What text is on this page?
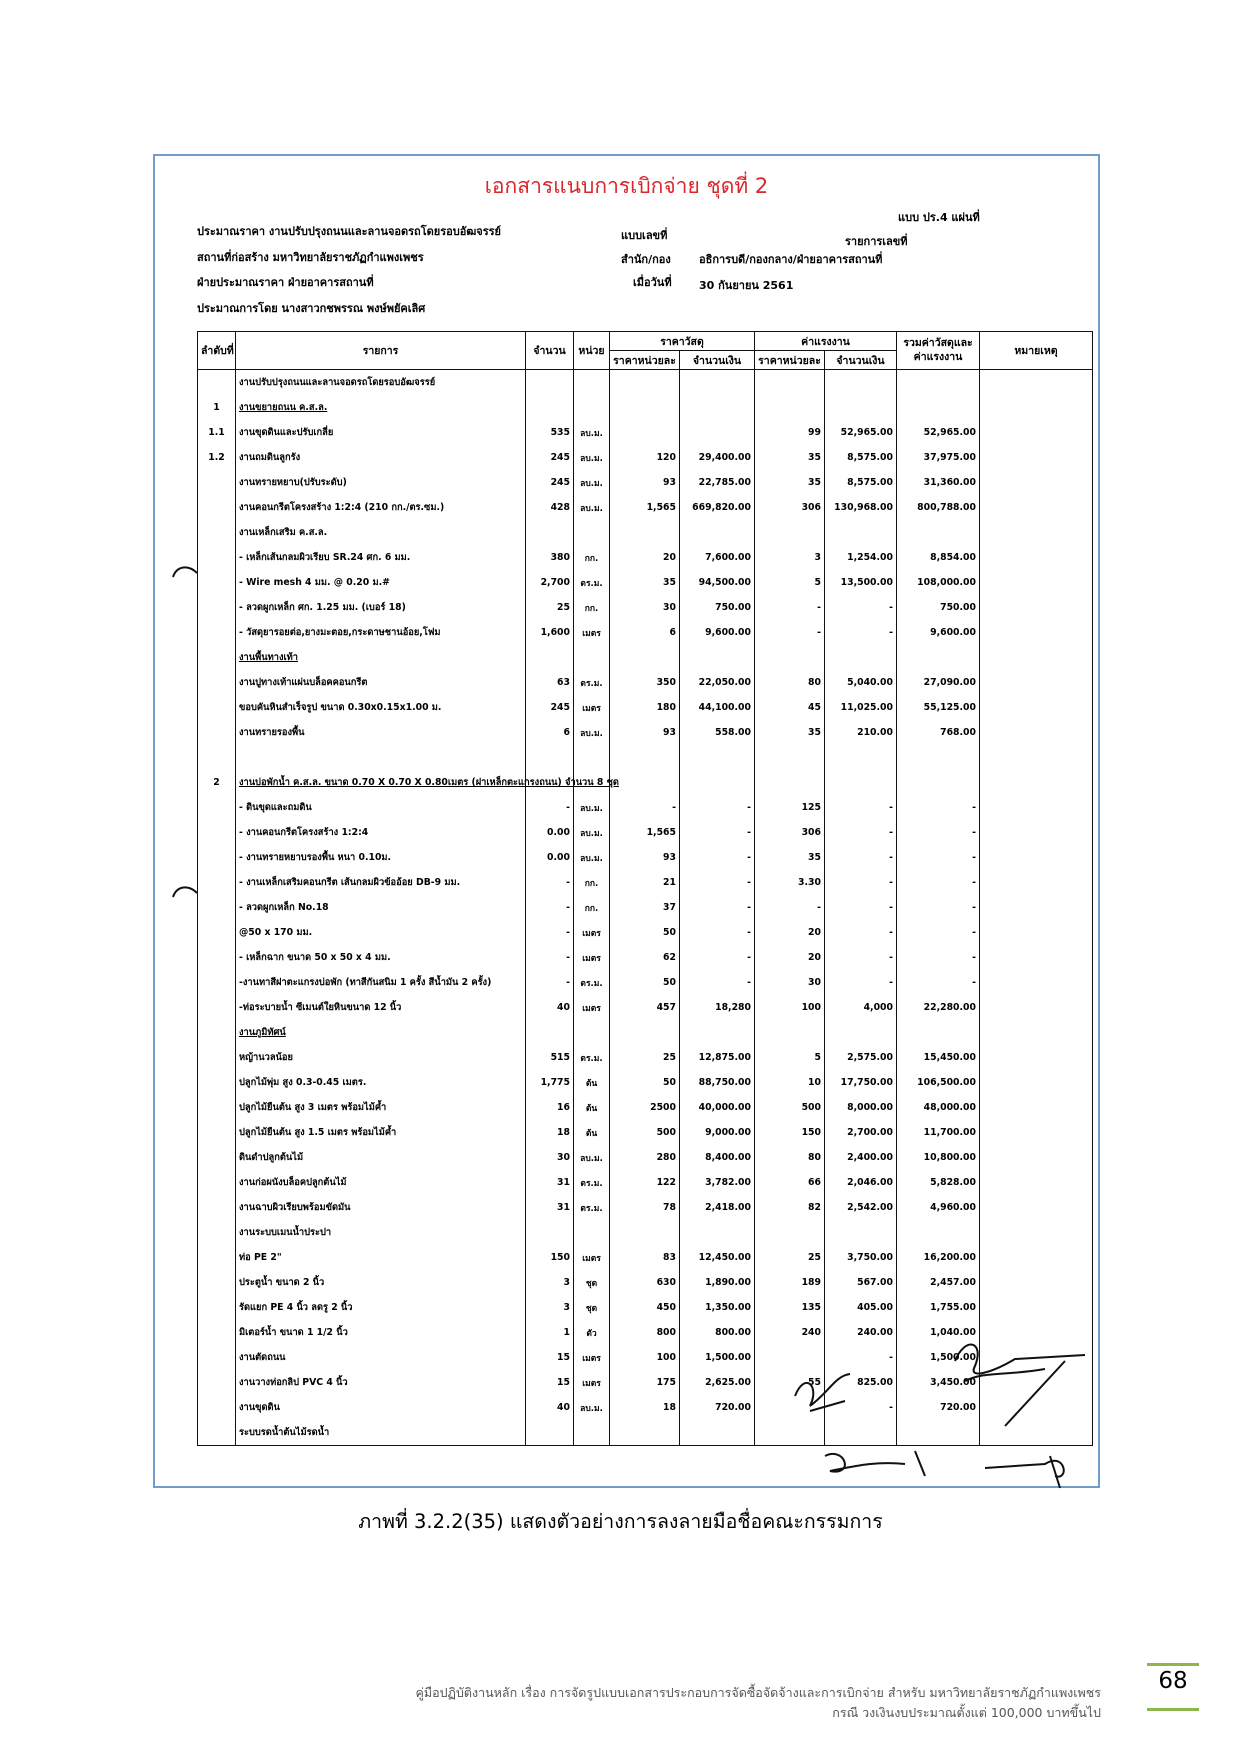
เอกสารแนบการเบิกจ่าย ชุดที่ 2
แบบ ปร.4 แผ่นที่
รายการเลขที่
ประมาณราคา งานปรับปรุงถนนและลานจอดรถโดยรอบอัฒจรรย์
สถานที่ก่อสร้าง มหาวิทยาลัยราชภัฏกำแพงเพชร
ฝ่ายประมาณราคา ฝ่ายอาคารสถานที่
ประมาณการโดย นางสาวกชพรรณ พงษ์พยัคเลิศ
แบบเลขที่
สำนัก/กอง
เมื่อวันที่
อธิการบดี/กองกลาง/ฝ่ายอาคารสถานที่
30 กันยายน 2561
ลำดับที่	รายการ	จำนวน	หน่วย	ราคาวัสดุ		ค่าแรงงาน		รวมค่าวัสดุและค่าแรงงาน	หมายเหตุ
				ราคาหน่วยละ	จำนวนเงิน	ราคาหน่วยละ	จำนวนเงิน		
	งานปรับปรุงถนนและลานจอดรถโดยรอบอัฒจรรย์								
1	งานขยายถนน ค.ส.ล.								
1.1	งานขุดดินและปรับเกลี่ย	535	ลบ.ม.			99	52,965.00	52,965.00	
1.2	งานถมดินลูกรัง	245	ลบ.ม.	120	29,400.00	35	8,575.00	37,975.00	
	งานทรายหยาบ(ปรับระดับ)	245	ลบ.ม.	93	22,785.00	35	8,575.00	31,360.00	
	งานคอนกรีตโครงสร้าง 1:2:4 (210 กก./ตร.ซม.)	428	ลบ.ม.	1,565	669,820.00	306	130,968.00	800,788.00	
	งานเหล็กเสริม ค.ส.ล.								
	- เหล็กเส้นกลมผิวเรียบ SR.24 ศก. 6 มม.	380	กก.	20	7,600.00	3	1,254.00	8,854.00	
	- Wire mesh 4 มม. @ 0.20 ม.#	2,700	ตร.ม.	35	94,500.00	5	13,500.00	108,000.00	
	- ลวดผูกเหล็ก ศก. 1.25 มม. (เบอร์ 18)	25	กก.	30	750.00	-	-	750.00	
	- วัสดุยารอยต่อ,ยางมะตอย,กระดาษชานอ้อย,โฟม	1,600	เมตร	6	9,600.00	-	-	9,600.00	
	งานพื้นทางเท้า								
	งานปูทางเท้าแผ่นบล็อคคอนกรีต	63	ตร.ม.	350	22,050.00	80	5,040.00	27,090.00	
	ขอบคันหินสำเร็จรูป ขนาด 0.30x0.15x1.00 ม.	245	เมตร	180	44,100.00	45	11,025.00	55,125.00	
	งานทรายรองพื้น	6	ลบ.ม.	93	558.00	35	210.00	768.00	

2	งานบ่อพักน้ำ ค.ส.ล. ขนาด 0.70 X 0.70 X 0.80เมตร (ฝาเหล็กตะแกรงถนน) จำนวน 8 ชุด								
	- ดินขุดและถมดิน	-	ลบ.ม.	-	-	125	-	-	
	- งานคอนกรีตโครงสร้าง 1:2:4	0.00	ลบ.ม.	1,565	-	306	-	-	
	- งานทรายหยาบรองพื้น หนา 0.10ม.	0.00	ลบ.ม.	93	-	35	-	-	
	- งานเหล็กเสริมคอนกรีต เส้นกลมผิวข้ออ้อย DB-9 มม.	-	กก.	21	-	3.30	-	-	
	- ลวดผูกเหล็ก No.18	-	กก.	37	-	-	-	-	
	@50 x 170 มม.	-	เมตร	50	-	20	-	-	
	- เหล็กฉาก ขนาด 50 x 50 x 4 มม.	-	เมตร	62	-	20	-	-	
	-งานทาสีฝาตะแกรงบ่อพัก (ทาสีกันสนิม 1 ครั้ง สีน้ำมัน 2 ครั้ง)	-	ตร.ม.	50	-	30	-	-	
	-ท่อระบายน้ำ ซีเมนต์ใยหินขนาด 12 นิ้ว	40	เมตร	457	18,280	100	4,000	22,280.00	
	งานภูมิทัศน์								
	หญ้านวลน้อย	515	ตร.ม.	25	12,875.00	5	2,575.00	15,450.00	
	ปลูกไม้พุ่ม สูง 0.3-0.45 เมตร.	1,775	ต้น	50	88,750.00	10	17,750.00	106,500.00	
	ปลูกไม้ยืนต้น สูง 3 เมตร พร้อมไม้ค้ำ	16	ต้น	2500	40,000.00	500	8,000.00	48,000.00	
	ปลูกไม้ยืนต้น สูง 1.5 เมตร พร้อมไม้ค้ำ	18	ต้น	500	9,000.00	150	2,700.00	11,700.00	
	ดินดำปลูกต้นไม้	30	ลบ.ม.	280	8,400.00	80	2,400.00	10,800.00	
	งานก่อผนังบล็อคปลูกต้นไม้	31	ตร.ม.	122	3,782.00	66	2,046.00	5,828.00	
	งานฉาบผิวเรียบพร้อมขัดมัน	31	ตร.ม.	78	2,418.00	82	2,542.00	4,960.00	
	งานระบบเมนน้ำประปา								
	ท่อ PE 2"	150	เมตร	83	12,450.00	25	3,750.00	16,200.00	
	ประตูน้ำ ขนาด 2 นิ้ว	3	ชุด	630	1,890.00	189	567.00	2,457.00	
	รัดแยก PE 4 นิ้ว ลดรู 2 นิ้ว	3	ชุด	450	1,350.00	135	405.00	1,755.00	
	มิเตอร์น้ำ ขนาด 1 1/2 นิ้ว	1	ตัว	800	800.00	240	240.00	1,040.00	
	งานตัดถนน	15	เมตร	100	1,500.00		-	1,500.00	
	งานวางท่อกลิป PVC 4 นิ้ว	15	เมตร	175	2,625.00	55	825.00	3,450.00	
	งานขุดดิน	40	ลบ.ม.	18	720.00		-	720.00	
	ระบบรดน้ำต้นไม้รดน้ำ								
ภาพที่ 3.2.2(35) แสดงตัวอย่างการลงลายมือชื่อคณะกรรมการ
68
คู่มือปฏิบัติงานหลัก เรื่อง การจัดรูปแบบเอกสารประกอบการจัดซื้อจัดจ้างและการเบิกจ่าย สำหรับ มหาวิทยาลัยราชภัฏกำแพงเพชร
กรณี วงเงินงบประมาณตั้งแต่ 100,000 บาทขึ้นไป
